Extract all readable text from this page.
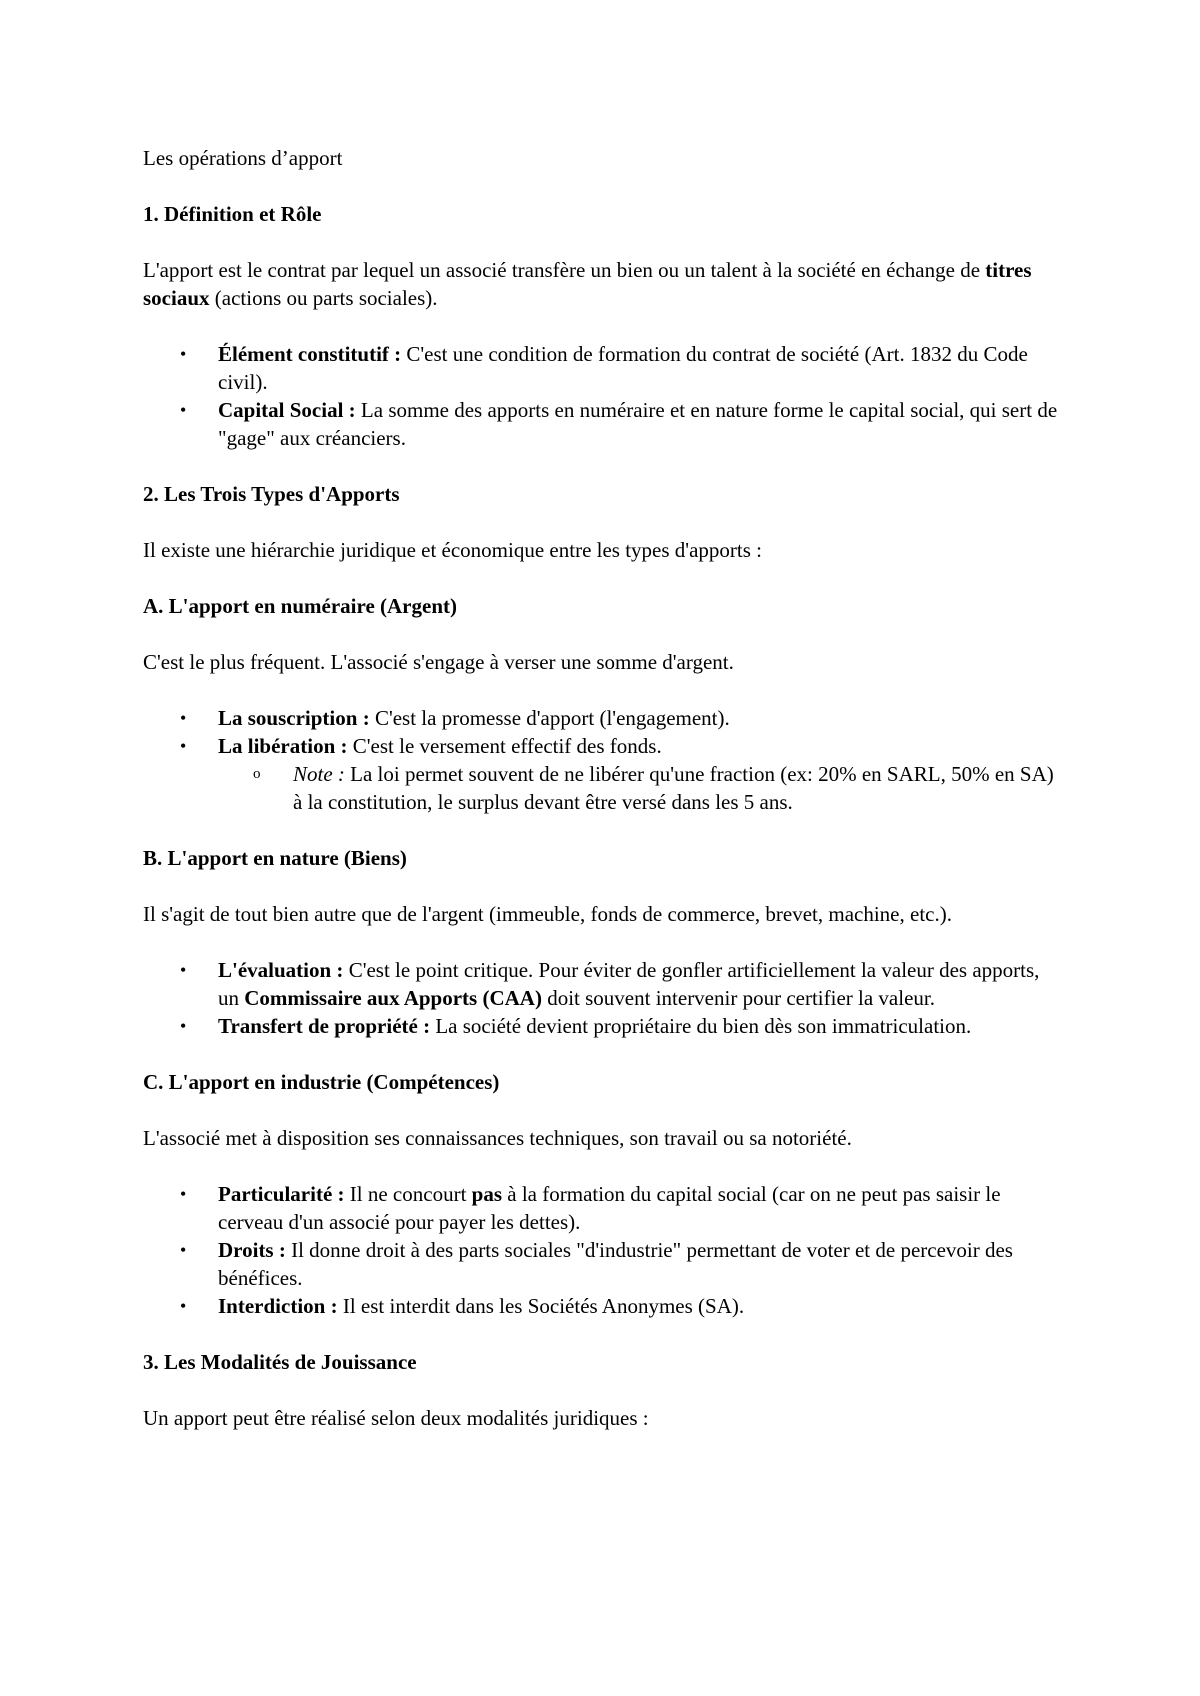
Les opérations d’apport

1. Définition et Rôle

L'apport est le contrat par lequel un associé transfère un bien ou un talent à la société en échange de titres sociaux (actions ou parts sociales).

• Élément constitutif : C'est une condition de formation du contrat de société (Art. 1832 du Code civil).
• Capital Social : La somme des apports en numéraire et en nature forme le capital social, qui sert de "gage" aux créanciers.

2. Les Trois Types d'Apports

Il existe une hiérarchie juridique et économique entre les types d'apports :

A. L'apport en numéraire (Argent)

C'est le plus fréquent. L'associé s'engage à verser une somme d'argent.

• La souscription : C'est la promesse d'apport (l'engagement).
• La libération : C'est le versement effectif des fonds.
o Note : La loi permet souvent de ne libérer qu'une fraction (ex: 20% en SARL, 50% en SA) à la constitution, le surplus devant être versé dans les 5 ans.

B. L'apport en nature (Biens)

Il s'agit de tout bien autre que de l'argent (immeuble, fonds de commerce, brevet, machine, etc.).

• L'évaluation : C'est le point critique. Pour éviter de gonfler artificiellement la valeur des apports, un Commissaire aux Apports (CAA) doit souvent intervenir pour certifier la valeur.
• Transfert de propriété : La société devient propriétaire du bien dès son immatriculation.

C. L'apport en industrie (Compétences)

L'associé met à disposition ses connaissances techniques, son travail ou sa notoriété.

• Particularité : Il ne concourt pas à la formation du capital social (car on ne peut pas saisir le cerveau d'un associé pour payer les dettes).
• Droits : Il donne droit à des parts sociales "d'industrie" permettant de voter et de percevoir des bénéfices.
• Interdiction : Il est interdit dans les Sociétés Anonymes (SA).

3. Les Modalités de Jouissance

Un apport peut être réalisé selon deux modalités juridiques :
